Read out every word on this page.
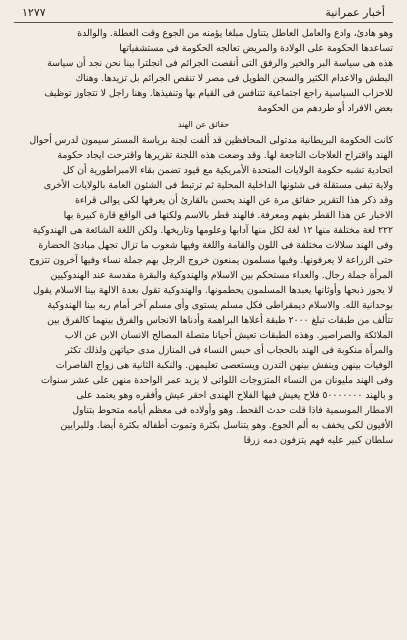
أخبار عمرانية
١٢٧٧

وهو هادئ، وادع والعامل العاطل يتناول مبلغا يؤمنه من الجوع وقت العطلة. والوالدة
تساعدها الحكومة على الولادة والمريض تعالجه الحكومة فى مستشفياتها
هذه هى سياسة البر والخير والرفق التى أنقصت الجرائم فى انجلترا بينا نحن نجد أن سياسة
البطش والاعدام الكثير والسجن الطويل فى مصر لا تنقص الجرائم بل تزيدها. وهناك
للاحزاب السياسية راجع اجتماعية تتنافس فى القيام بها وتنفيذها. وهنا راجل لا تتجاوز توظيف
بعض الافراد أو طردهم من الحكومة

حقائق عن الهند

كانت الحكومة البريطانية مدتولى المحافظين قد ألفت لجنة برياسة المستر سيمون لدرس أحوال
الهند واقتراح العلاجات الناجعة لها. وقد وضعت هذه اللجنة تقريرها واقترحت ايجاد حكومة
اتحادية تشبه حكومة الولايات المتحدة الأمريكية مع قيود تضمن بقاء الامبراطورية أن كل
ولاية تبقى مستقلة فى شئونها الداخلية المحلية ثم ترتبط فى الشئون العامة بالولايات الأخرى
وقد ذكر هذا التقرير حقائق مرة عن الهند يحسن بالقارئ أن يعرفها لكى يوالى قراءة
الاخبار عن هذا القطر بفهم ومعرفة. فالهند قطر بالاسم ولكنها فى الواقع قارة كبيرة بها
٢٢٢ لغة مختلفة منها ١٢ لغة لكل منها آدابها وعلومها وتاريخها. ولكن اللغة الشائعة هى الهندوكية
وفى الهند سلالات مختلفة فى اللون والقامة واللغة وفيها شعوب ما تزال تجهل مبادئ الحضارة
حتى الزراعة لا يعرفونها. وفيها مسلمون يمنعون خروج الرجل بهم جملة نساء وفيها آخرون تتزوج
المرأة جملة رجال. والعداء مستحكم بين الاسلام والهندوكية والبقرة مقدسة عند الهندوكيين
لا يجوز ذبحها وأوثانها يعبدها المسلمون يحطمونها. والهندوكية تقول بعدة الالهة بينا الاسلام يقول
بوحدانية الله. والاسلام ديمقراطى فكل مسلم يستوى وأى مسلم آخر أمام ربه بينا الهندوكية
تتألف من طبقات تبلغ ٢٠٠٠ طبقة أعلاها البراهمة وأدناها الانجاس والفرق بينهما كالفرق بين
الملائكة والصراصير. وهذه الطبقات تعيش أحيانا متصلة المصالح الانسان الابن عن الاب
والمرأة منكوبة فى الهند بالحجاب أى حبس النساء فى المنازل مدى حياتهن ولذلك تكثر
الوفيات بينهن وينفش بينهن التدرن ويستعصى تعليمهن. والنكبة الثانية هى زواج القاصرات
وفى الهند مليونان من النساء المتزوجات اللواتى لا يزيد عمر الواحدة منهن على عشر سنوات
و بالهند ٥٠٠٠٠٠٠٠ فلاح يعيش فيها الفلاح الهندى احقر عيش وأفقره وهو يعتمد على
الامطار الموسمية فاذا قلت حدث القحط. وهو وأولاده فى معظم أيامه متحوط بتناول
الأفيون لكى يخفف به ألم الجوع. وهو يتناسل بكثرة وتموت أطفاله بكثرة أيضا. وللبرايين
سلطان كبير عليه فهم يتزفون دمه زرقا
